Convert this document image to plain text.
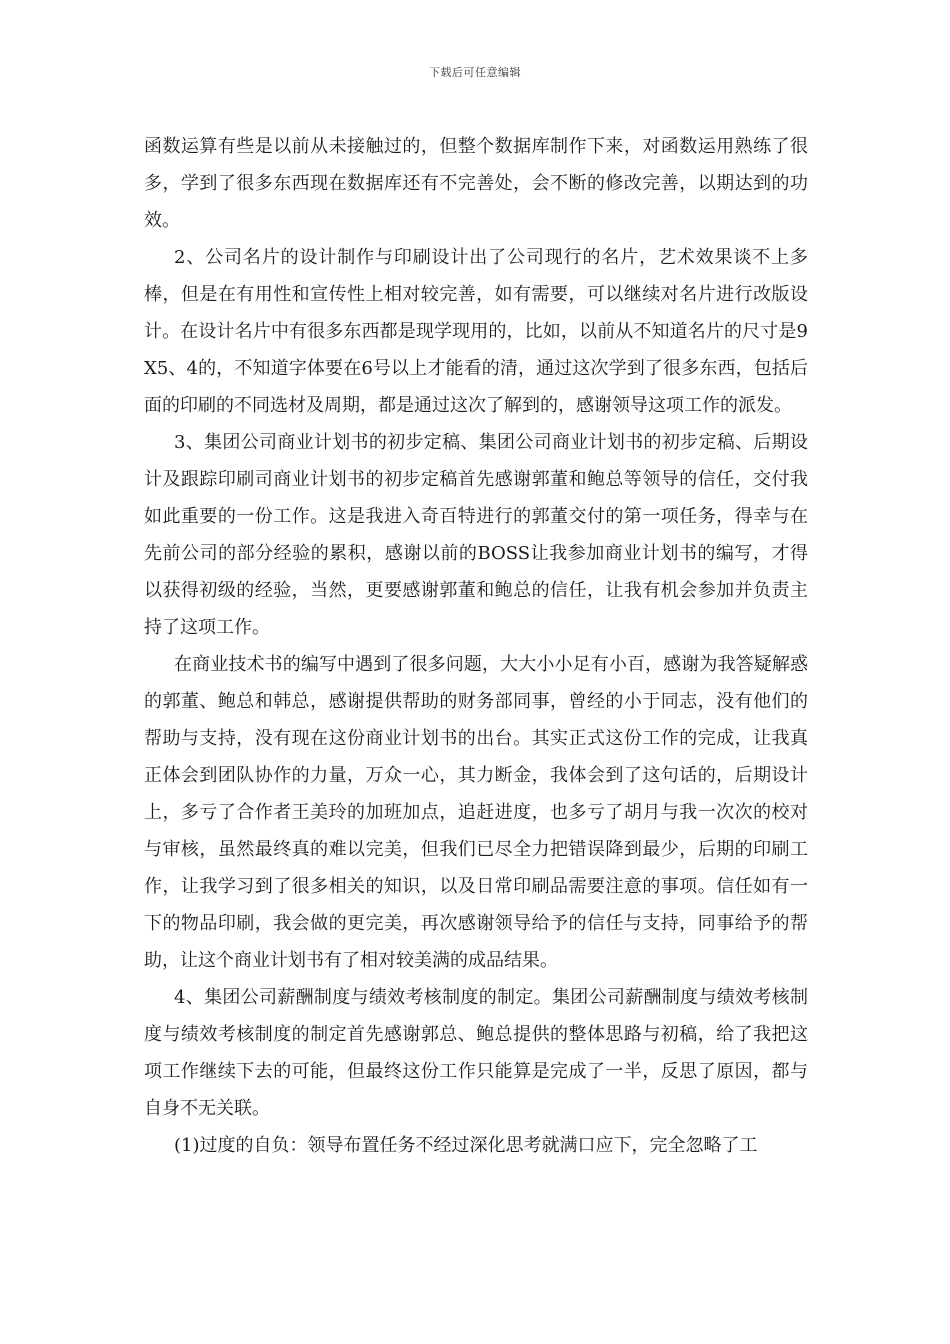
下载后可任意编辑

函数运算有些是以前从未接触过的，但整个数据库制作下来，对函数运用熟练了很多，学到了很多东西现在数据库还有不完善处，会不断的修改完善，以期达到的功效。

2、公司名片的设计制作与印刷设计出了公司现行的名片，艺术效果谈不上多棒，但是在有用性和宣传性上相对较完善，如有需要，可以继续对名片进行改版设计。在设计名片中有很多东西都是现学现用的，比如，以前从不知道名片的尺寸是9X5、4的，不知道字体要在6号以上才能看的清，通过这次学到了很多东西，包括后面的印刷的不同选材及周期，都是通过这次了解到的，感谢领导这项工作的派发。

3、集团公司商业计划书的初步定稿、集团公司商业计划书的初步定稿、后期设计及跟踪印刷司商业计划书的初步定稿首先感谢郭董和鲍总等领导的信任，交付我如此重要的一份工作。这是我进入奇百特进行的郭董交付的第一项任务，得幸与在先前公司的部分经验的累积，感谢以前的BOSS让我参加商业计划书的编写，才得以获得初级的经验，当然，更要感谢郭董和鲍总的信任，让我有机会参加并负责主持了这项工作。

在商业技术书的编写中遇到了很多问题，大大小小足有小百，感谢为我答疑解惑的郭董、鲍总和韩总，感谢提供帮助的财务部同事，曾经的小于同志，没有他们的帮助与支持，没有现在这份商业计划书的出台。其实正式这份工作的完成，让我真正体会到团队协作的力量，万众一心，其力断金，我体会到了这句话的，后期设计上，多亏了合作者王美玲的加班加点，追赶进度，也多亏了胡月与我一次次的校对与审核，虽然最终真的难以完美，但我们已尽全力把错误降到最少，后期的印刷工作，让我学习到了很多相关的知识，以及日常印刷品需要注意的事项。信任如有一下的物品印刷，我会做的更完美，再次感谢领导给予的信任与支持，同事给予的帮助，让这个商业计划书有了相对较美满的成品结果。

4、集团公司薪酬制度与绩效考核制度的制定。集团公司薪酬制度与绩效考核制度与绩效考核制度的制定首先感谢郭总、鲍总提供的整体思路与初稿，给了我把这项工作继续下去的可能，但最终这份工作只能算是完成了一半，反思了原因，都与自身不无关联。

(1)过度的自负：领导布置任务不经过深化思考就满口应下，完全忽略了工
